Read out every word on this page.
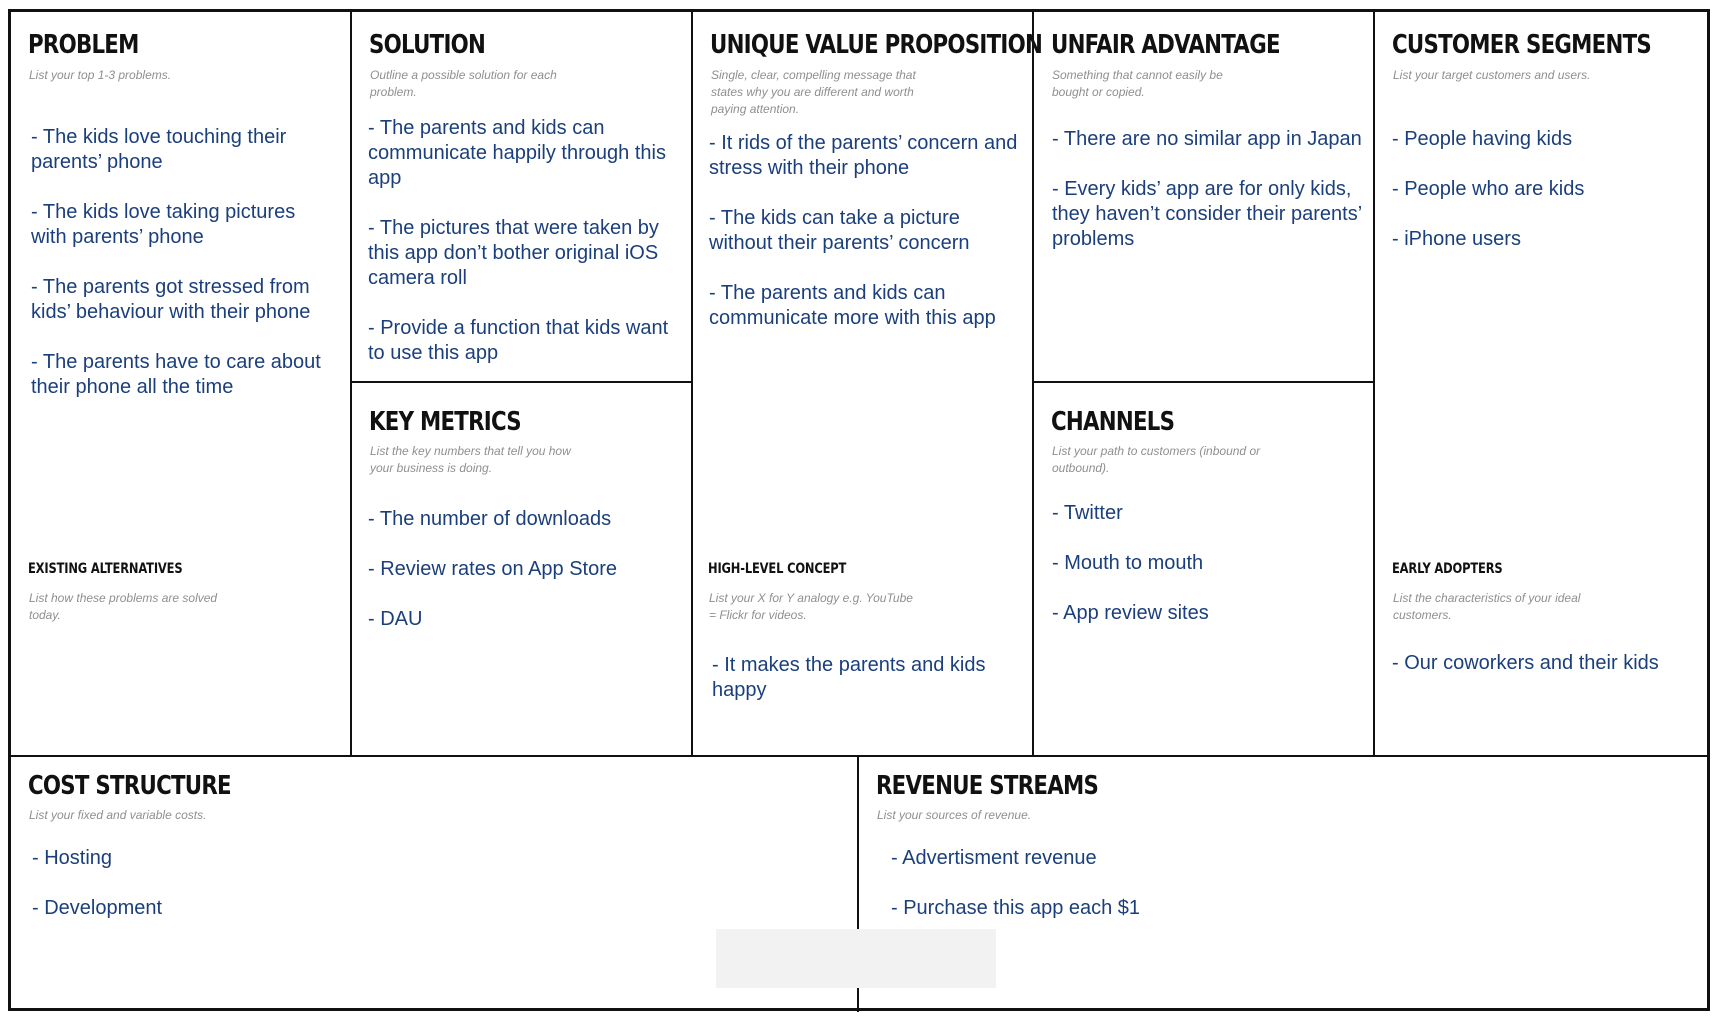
PROBLEM

List your top 1-3 problems.

- The kids love touching their parents’ phone
- The kids love taking pictures with parents’ phone
- The parents got stressed from kids’ behaviour with their phone
- The parents have to care about their phone all the time
EXISTING ALTERNATIVES

List how these problems are solved today.

SOLUTION

Outline a possible solution for each problem.

- The parents and kids can communicate happily through this app
- The pictures that were taken by this app don’t bother original iOS camera roll
- Provide a function that kids want to use this app
KEY METRICS

List the key numbers that tell you how your business is doing.

- The number of downloads
- Review rates on App Store
- DAU
UNIQUE VALUE PROPOSITION

Single, clear, compelling message that states why you are different and worth paying attention.

- It rids of the parents’ concern and stress with their phone
- The kids can take a picture without their parents’ concern
- The parents and kids can communicate more with this app
HIGH-LEVEL CONCEPT

List your X for Y analogy e.g. YouTube = Flickr for videos.

- It makes the parents and kids happy
UNFAIR ADVANTAGE

Something that cannot easily be bought or copied.

- There are no similar app in Japan
- Every kids’ app are for only kids, they haven’t consider their parents’ problems
CHANNELS

List your path to customers (inbound or outbound).

- Twitter
- Mouth to mouth
- App review sites
CUSTOMER SEGMENTS

List your target customers and users.

- People having kids
- People who are kids
- iPhone users
EARLY ADOPTERS

List the characteristics of your ideal customers.

- Our coworkers and their kids
COST STRUCTURE

List your fixed and variable costs.

- Hosting
- Development
REVENUE STREAMS

List your sources of revenue.

- Advertisment revenue
- Purchase this app each $1
